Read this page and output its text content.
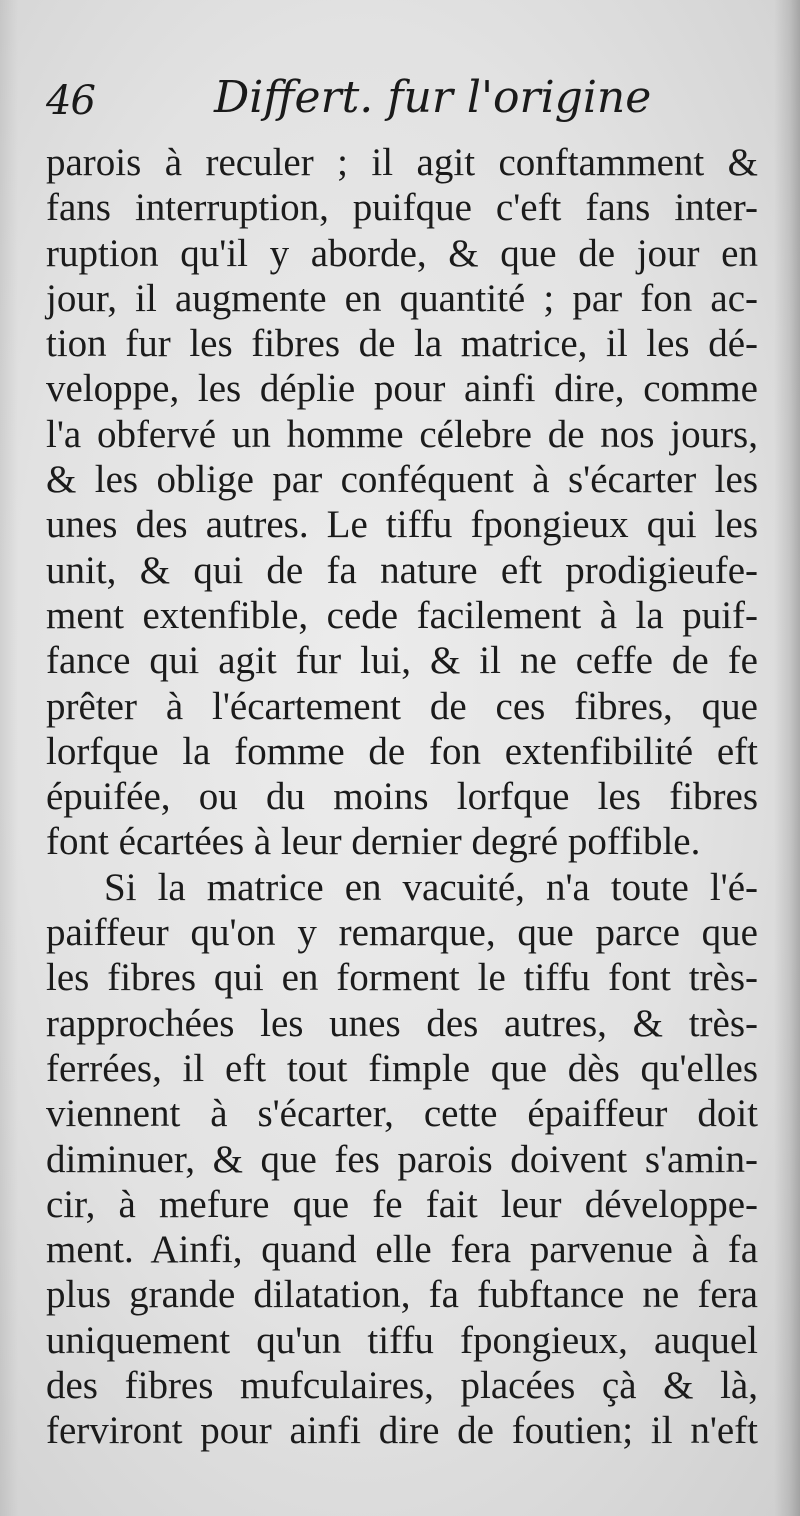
46	Differt. fur l'origine
parois à reculer ; il agit conftamment &
fans interruption, puifque c'eft fans inter-
ruption qu'il y aborde, & que de jour en
jour, il augmente en quantité ; par fon ac-
tion fur les fibres de la matrice, il les dé-
veloppe, les déplie pour ainfi dire, comme
l'a obfervé un homme célebre de nos jours,
& les oblige par conféquent à s'écarter les
unes des autres. Le tiffu fpongieux qui les
unit, & qui de fa nature eft prodigieufe-
ment extenfible, cede facilement à la puif-
fance qui agit fur lui, & il ne ceffe de fe
prêter à l'écartement de ces fibres, que
lorfque la fomme de fon extenfibilité eft
épuifée, ou du moins lorfque les fibres
font écartées à leur dernier degré poffible.
Si la matrice en vacuité, n'a toute l'é-
paiffeur qu'on y remarque, que parce que
les fibres qui en forment le tiffu font très-
rapprochées les unes des autres, & très-
ferrées, il eft tout fimple que dès qu'elles
viennent à s'écarter, cette épaiffeur doit
diminuer, & que fes parois doivent s'amin-
cir, à mefure que fe fait leur développe-
ment. Ainfi, quand elle fera parvenue à fa
plus grande dilatation, fa fubftance ne fera
uniquement qu'un tiffu fpongieux, auquel
des fibres mufculaires, placées çà & là,
ferviront pour ainfi dire de foutien; il n'eft
